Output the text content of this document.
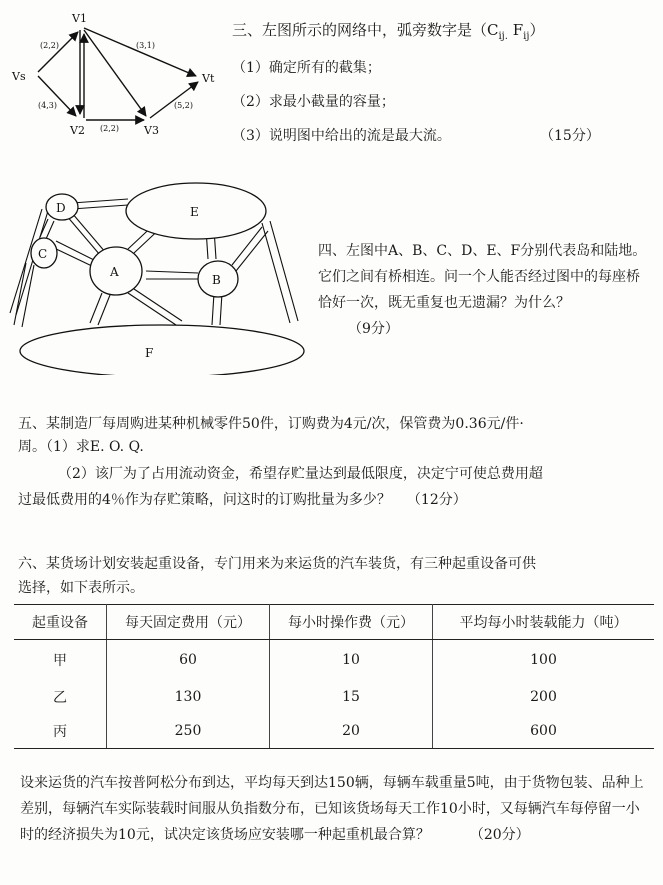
Vs
V1
V2	V3
Vt
(2,2)	(3,1)
(4,3)
(2,2)
(5,2)
三、左图所示的网络中，弧旁数字是（$C_{ij.}$ $F_{ij}$）
（1）确定所有的截集；
（2）求最小截量的容量；
（3）说明图中给出的流是最大流。	（15分）
D	E
C
A
B
F
四、左图中A、B、C、D、E、F分别代表岛和陆地。它们之间有桥相连。问一个人能否经过图中的每座桥恰好一次，既无重复也无遗漏？为什么？（9分）
五、某制造厂每周购进某种机械零件50件，订购费为4元/次，保管费为0.36元/件·
周。（1）求E. O. Q.
（2）该厂为了占用流动资金，希望存贮量达到最低限度，决定宁可使总费用超
过最低费用的4％作为存贮策略，问这时的订购批量为多少？ （12分）
六、某货场计划安装起重设备，专门用来为来运货的汽车装货，有三种起重设备可供
选择，如下表所示。
起重设备	每天固定费用（元）	每小时操作费（元）	平均每小时装载能力（吨）
甲	60	10	100
乙	130	15	200
丙	250	20	600
设来运货的汽车按普阿松分布到达，平均每天到达150辆，每辆车载重量5吨，由于货物包装、品种上差别，每辆汽车实际装载时间服从负指数分布，已知该货场每天工作10小时，又每辆汽车每停留一小时的经济损失为10元，试决定该货场应安装哪一种起重机最合算？	（20分）
